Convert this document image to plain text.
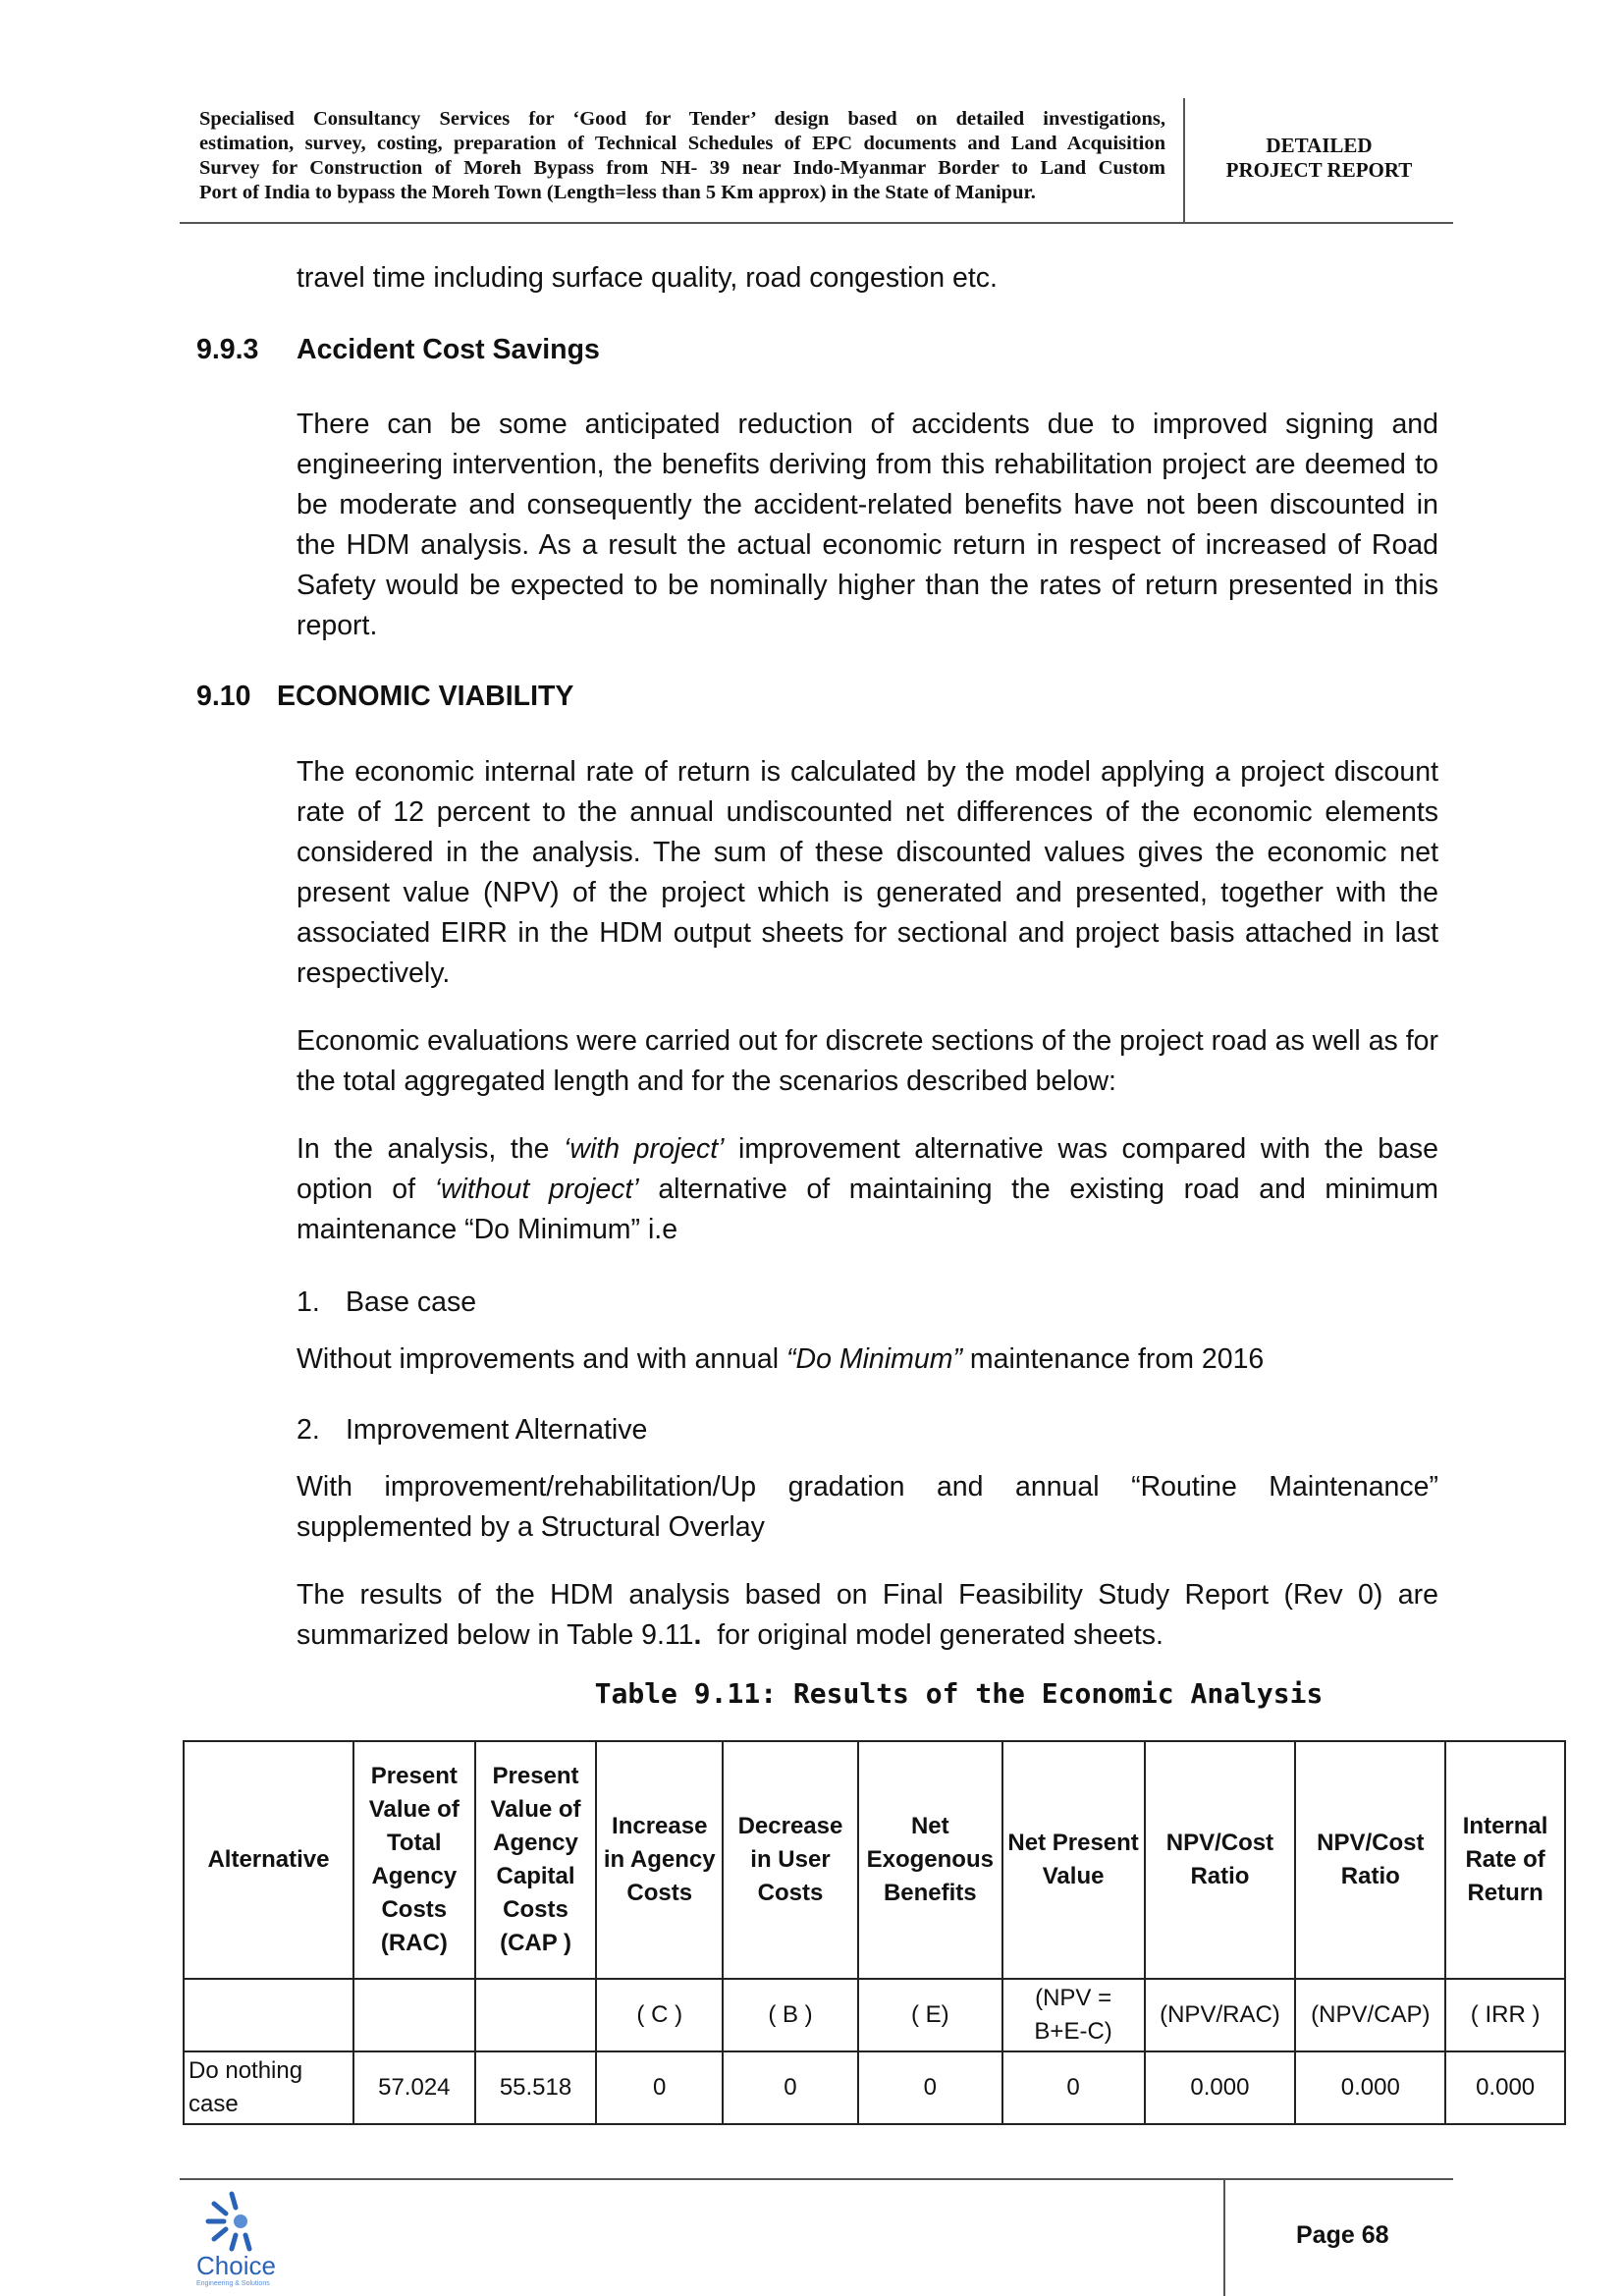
Specialised Consultancy Services for ‘Good for Tender’ design based on detailed investigations,
estimation, survey, costing, preparation of Technical Schedules of EPC documents and Land Acquisition
Survey for Construction of Moreh Bypass from NH- 39 near Indo-Myanmar Border to Land Custom
Port of India to bypass the Moreh Town (Length=less than 5 Km approx) in the State of Manipur.
DETAILED
PROJECT REPORT
travel time including surface quality, road congestion etc.
9.9.3 Accident Cost Savings
There can be some anticipated reduction of accidents due to improved signing and engineering intervention, the benefits deriving from this rehabilitation project are deemed to be moderate and consequently the accident-related benefits have not been discounted in the HDM analysis. As a result the actual economic return in respect of increased of Road Safety would be expected to be nominally higher than the rates of return presented in this report.
9.10 ECONOMIC VIABILITY
The economic internal rate of return is calculated by the model applying a project discount rate of 12 percent to the annual undiscounted net differences of the economic elements considered in the analysis. The sum of these discounted values gives the economic net present value (NPV) of the project which is generated and presented, together with the associated EIRR in the HDM output sheets for sectional and project basis attached in last respectively.
Economic evaluations were carried out for discrete sections of the project road as well as for the total aggregated length and for the scenarios described below:
In the analysis, the ‘with project’ improvement alternative was compared with the base option of ‘without project’ alternative of maintaining the existing road and minimum maintenance “Do Minimum” i.e
1. Base case
Without improvements and with annual “Do Minimum” maintenance from 2016
2. Improvement Alternative
With improvement/rehabilitation/Up gradation and annual “Routine Maintenance” supplemented by a Structural Overlay
The results of the HDM analysis based on Final Feasibility Study Report (Rev 0) are summarized below in Table 9.11.  for original model generated sheets.
Table 9.11: Results of the Economic Analysis
Alternative	Present Value of Total Agency Costs (RAC)	Present Value of Agency Capital Costs (CAP )	Increase in Agency Costs	Decrease in User Costs	Net Exogenous Benefits	Net Present Value	NPV/Cost Ratio	NPV/Cost Ratio	Internal Rate of Return
			( C )	( B )	( E)	(NPV = B+E-C)	(NPV/RAC)	(NPV/CAP)	( IRR )
Do nothing case	57.024	55.518	0	0	0	0	0.000	0.000	0.000
Choice
Engineering & Solutions
Page 68
